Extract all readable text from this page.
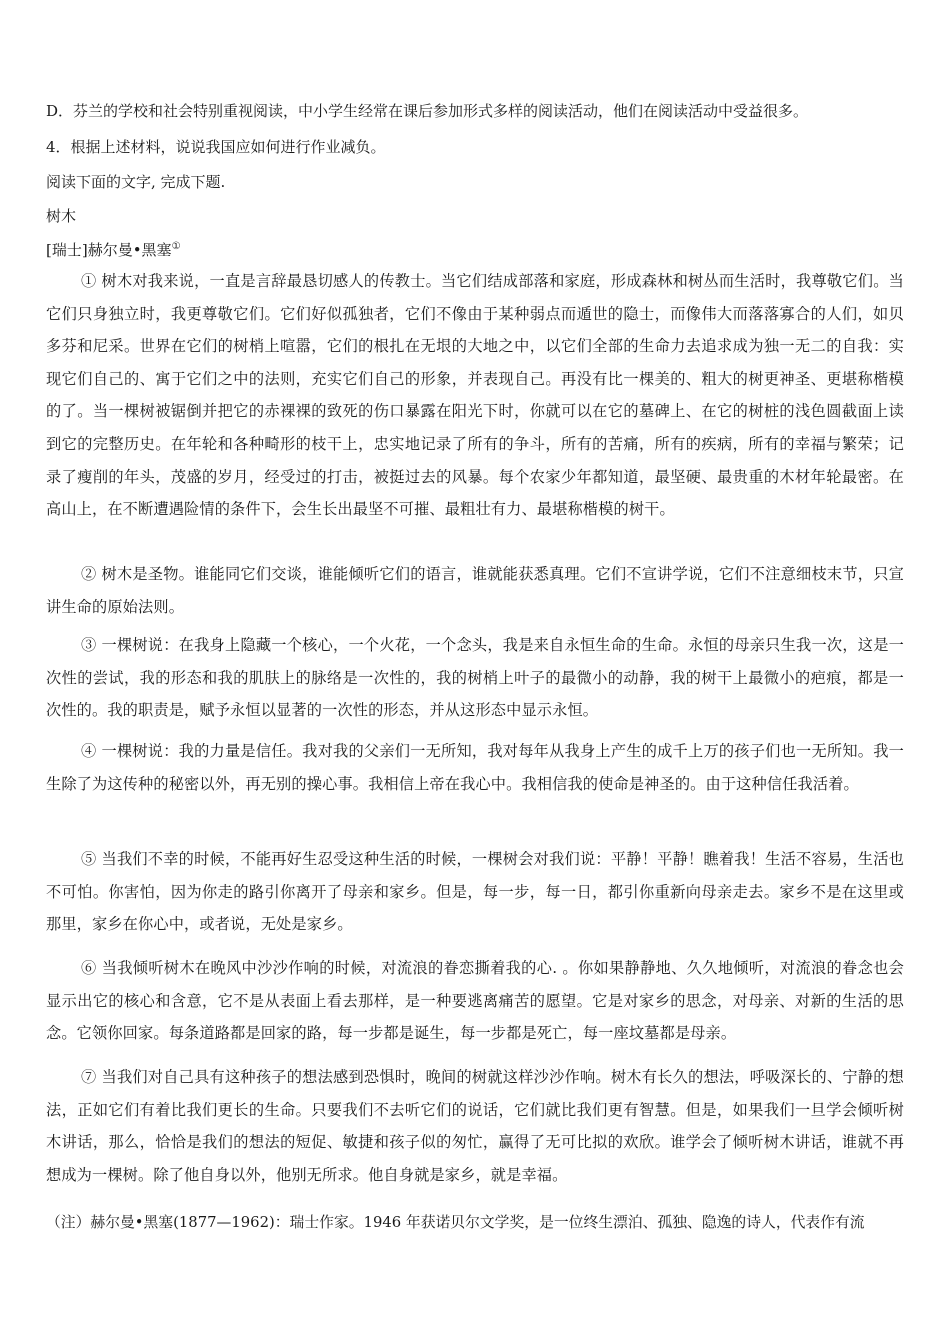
D．芬兰的学校和社会特别重视阅读，中小学生经常在课后参加形式多样的阅读活动，他们在阅读活动中受益很多。

4．根据上述材料，说说我国应如何进行作业减负。

阅读下面的文字, 完成下题.

树木

[瑞士]赫尔曼•黑塞①

① 树木对我来说，一直是言辞最恳切感人的传教士。当它们结成部落和家庭，形成森林和树丛而生活时，我尊敬它们。当它们只身独立时，我更尊敬它们。它们好似孤独者，它们不像由于某种弱点而遁世的隐士，而像伟大而落落寡合的人们，如贝多芬和尼采。世界在它们的树梢上喧嚣，它们的根扎在无垠的大地之中，以它们全部的生命力去追求成为独一无二的自我：实现它们自己的、寓于它们之中的法则，充实它们自己的形象，并表现自己。再没有比一棵美的、粗大的树更神圣、更堪称楷模的了。当一棵树被锯倒并把它的赤裸裸的致死的伤口暴露在阳光下时，你就可以在它的墓碑上、在它的树桩的浅色圆截面上读到它的完整历史。在年轮和各种畸形的枝干上，忠实地记录了所有的争斗，所有的苦痛，所有的疾病，所有的幸福与繁荣；记录了瘦削的年头，茂盛的岁月，经受过的打击，被挺过去的风暴。每个农家少年都知道，最坚硬、最贵重的木材年轮最密。在高山上，在不断遭遇险情的条件下，会生长出最坚不可摧、最粗壮有力、最堪称楷模的树干。

② 树木是圣物。谁能同它们交谈，谁能倾听它们的语言，谁就能获悉真理。它们不宣讲学说，它们不注意细枝末节，只宣讲生命的原始法则。

③ 一棵树说：在我身上隐藏一个核心，一个火花，一个念头，我是来自永恒生命的生命。永恒的母亲只生我一次，这是一次性的尝试，我的形态和我的肌肤上的脉络是一次性的，我的树梢上叶子的最微小的动静，我的树干上最微小的疤痕，都是一次性的。我的职责是，赋予永恒以显著的一次性的形态，并从这形态中显示永恒。

④ 一棵树说：我的力量是信任。我对我的父亲们一无所知，我对每年从我身上产生的成千上万的孩子们也一无所知。我一生除了为这传种的秘密以外，再无别的操心事。我相信上帝在我心中。我相信我的使命是神圣的。由于这种信任我活着。

⑤ 当我们不幸的时候，不能再好生忍受这种生活的时候，一棵树会对我们说：平静！平静！瞧着我！生活不容易，生活也不可怕。你害怕，因为你走的路引你离开了母亲和家乡。但是，每一步，每一日，都引你重新向母亲走去。家乡不是在这里或那里，家乡在你心中，或者说，无处是家乡。

⑥ 当我倾听树木在晚风中沙沙作响的时候，对流浪的眷恋撕着我的心. 。你如果静静地、久久地倾听，对流浪的眷念也会显示出它的核心和含意，它不是从表面上看去那样，是一种要逃离痛苦的愿望。它是对家乡的思念，对母亲、对新的生活的思念。它领你回家。每条道路都是回家的路，每一步都是诞生，每一步都是死亡，每一座坟墓都是母亲。

⑦ 当我们对自己具有这种孩子的想法感到恐惧时，晚间的树就这样沙沙作响。树木有长久的想法，呼吸深长的、宁静的想法，正如它们有着比我们更长的生命。只要我们不去听它们的说话，它们就比我们更有智慧。但是，如果我们一旦学会倾听树木讲话，那么，恰恰是我们的想法的短促、敏捷和孩子似的匆忙，赢得了无可比拟的欢欣。谁学会了倾听树木讲话，谁就不再想成为一棵树。除了他自身以外，他别无所求。他自身就是家乡，就是幸福。

（注）赫尔曼•黑塞(1877—1962)：瑞士作家。1946 年获诺贝尔文学奖，是一位终生漂泊、孤独、隐逸的诗人，代表作有流
